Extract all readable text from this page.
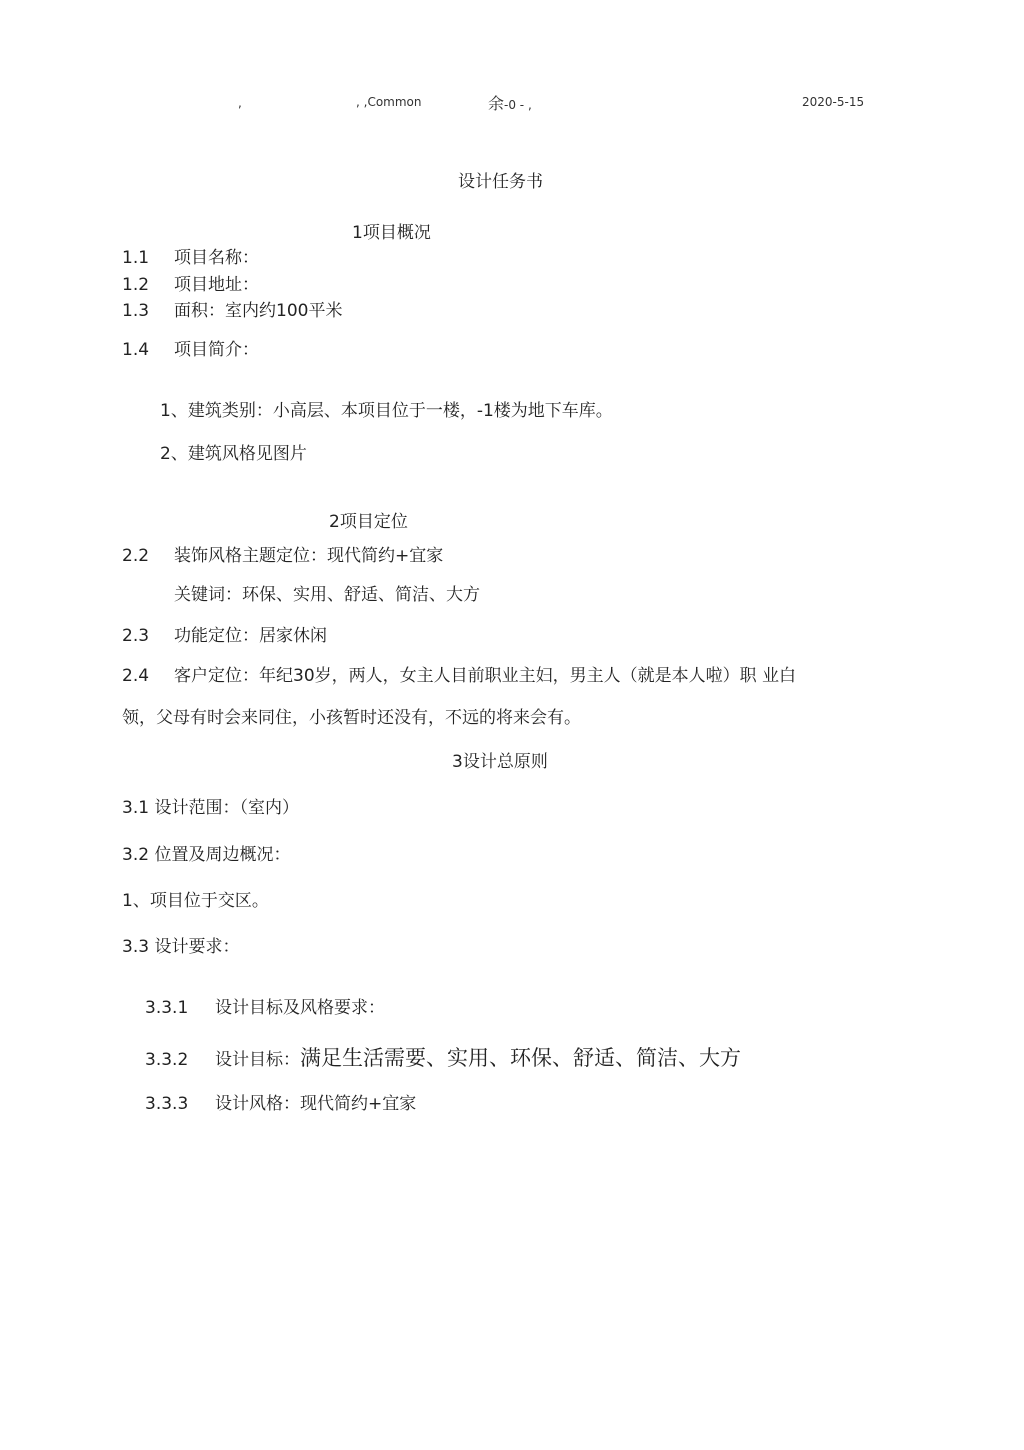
,	, ,Common	余-0 - ,	2020-5-15
设计任务书
1项目概况
1.1 项目名称：
1.2 项目地址：
1.3 面积：室内约100平米
1.4 项目简介：
1、建筑类别：小高层、本项目位于一楼，-1楼为地下车库。
2、建筑风格见图片
2项目定位
2.2 装饰风格主题定位：现代简约+宜家
关键词：环保、实用、舒适、简洁、大方
2.3 功能定位：居家休闲
2.4 客户定位：年纪30岁，两人，女主人目前职业主妇，男主人（就是本人啦）职 业白
领，父母有时会来同住，小孩暂时还没有，不远的将来会有。
3设计总原则
3.1 设计范围：（室内）
3.2 位置及周边概况：
1、项目位于交区。
3.3 设计要求：
3.3.1 设计目标及风格要求：
3.3.2 设计目标：满足生活需要、实用、环保、舒适、简洁、大方
3.3.3 设计风格：现代简约+宜家
